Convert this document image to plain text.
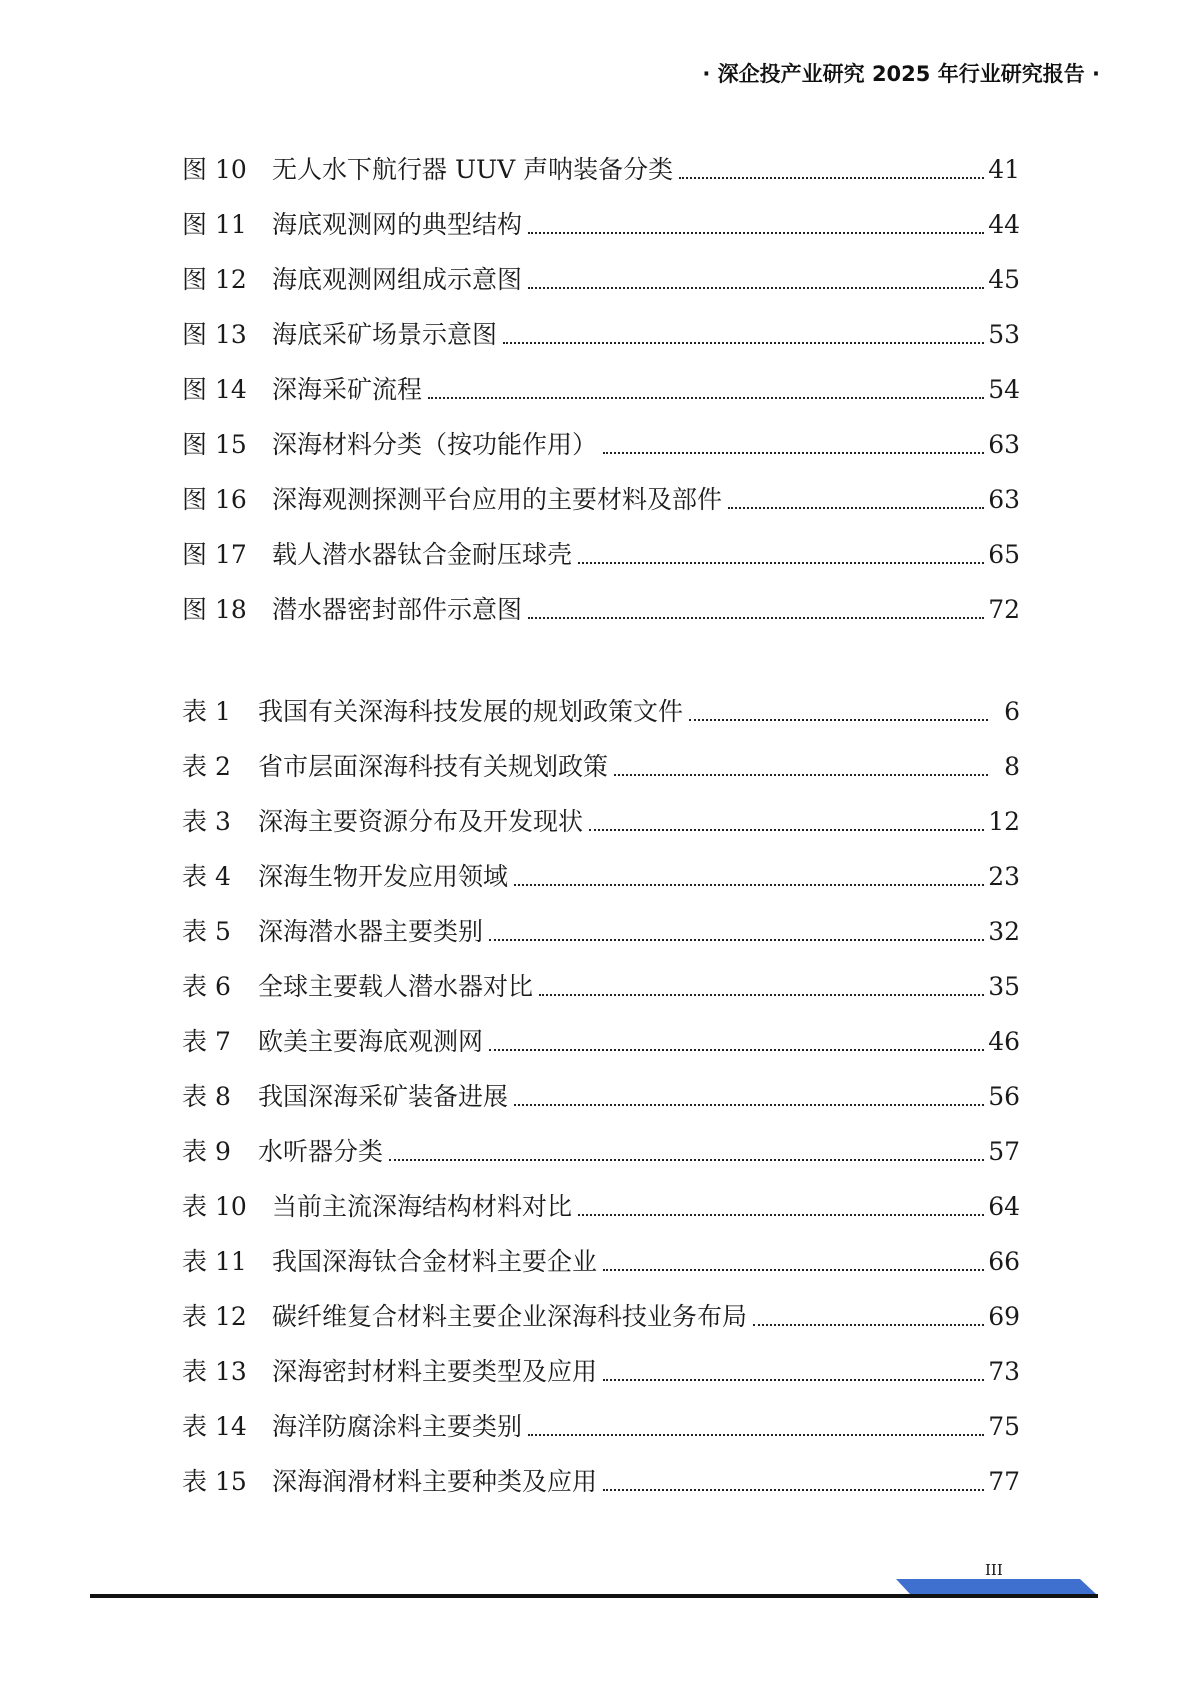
· 深企投产业研究 2025 年行业研究报告 ·
图 10	无人水下航行器 UUV 声呐装备分类	41
图 11	海底观测网的典型结构	44
图 12	海底观测网组成示意图	45
图 13	海底采矿场景示意图	53
图 14	深海采矿流程	54
图 15	深海材料分类（按功能作用）	63
图 16	深海观测探测平台应用的主要材料及部件	63
图 17	载人潜水器钛合金耐压球壳	65
图 18	潜水器密封部件示意图	72
表 1	我国有关深海科技发展的规划政策文件	6
表 2	省市层面深海科技有关规划政策	8
表 3	深海主要资源分布及开发现状	12
表 4	深海生物开发应用领域	23
表 5	深海潜水器主要类别	32
表 6	全球主要载人潜水器对比	35
表 7	欧美主要海底观测网	46
表 8	我国深海采矿装备进展	56
表 9	水听器分类	57
表 10	当前主流深海结构材料对比	64
表 11	我国深海钛合金材料主要企业	66
表 12	碳纤维复合材料主要企业深海科技业务布局	69
表 13	深海密封材料主要类型及应用	73
表 14	海洋防腐涂料主要类别	75
表 15	深海润滑材料主要种类及应用	77
III
